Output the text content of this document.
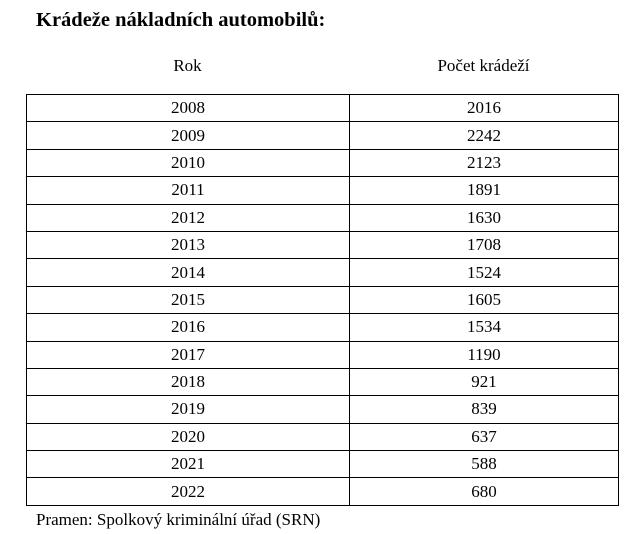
Krádeže nákladních automobilů:
Rok	Počet krádeží
2008	2016
2009	2242
2010	2123
2011	1891
2012	1630
2013	1708
2014	1524
2015	1605
2016	1534
2017	1190
2018	921
2019	839
2020	637
2021	588
2022	680
Pramen: Spolkový kriminální úřad (SRN)
